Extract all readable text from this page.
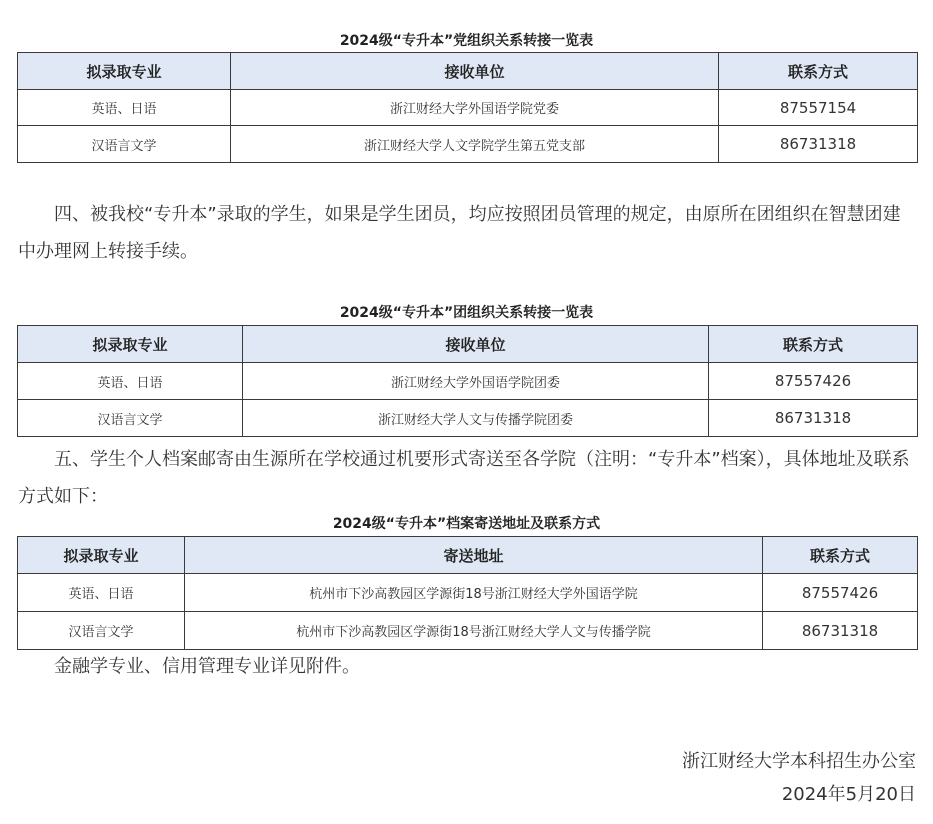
2024级“专升本”党组织关系转接一览表
拟录取专业	接收单位	联系方式
英语、日语	浙江财经大学外国语学院党委	87557154
汉语言文学	浙江财经大学人文学院学生第五党支部	86731318

四、被我校“专升本”录取的学生，如果是学生团员，均应按照团员管理的规定，由原所在团组织在智慧团建中办理网上转接手续。

2024级“专升本”团组织关系转接一览表
拟录取专业	接收单位	联系方式
英语、日语	浙江财经大学外国语学院团委	87557426
汉语言文学	浙江财经大学人文与传播学院团委	86731318

五、学生个人档案邮寄由生源所在学校通过机要形式寄送至各学院（注明：“专升本”档案），具体地址及联系方式如下：

2024级“专升本”档案寄送地址及联系方式
拟录取专业	寄送地址	联系方式
英语、日语	杭州市下沙高教园区学源街18号浙江财经大学外国语学院	87557426
汉语言文学	杭州市下沙高教园区学源街18号浙江财经大学人文与传播学院	86731318

金融学专业、信用管理专业详见附件。

浙江财经大学本科招生办公室
2024年5月20日
